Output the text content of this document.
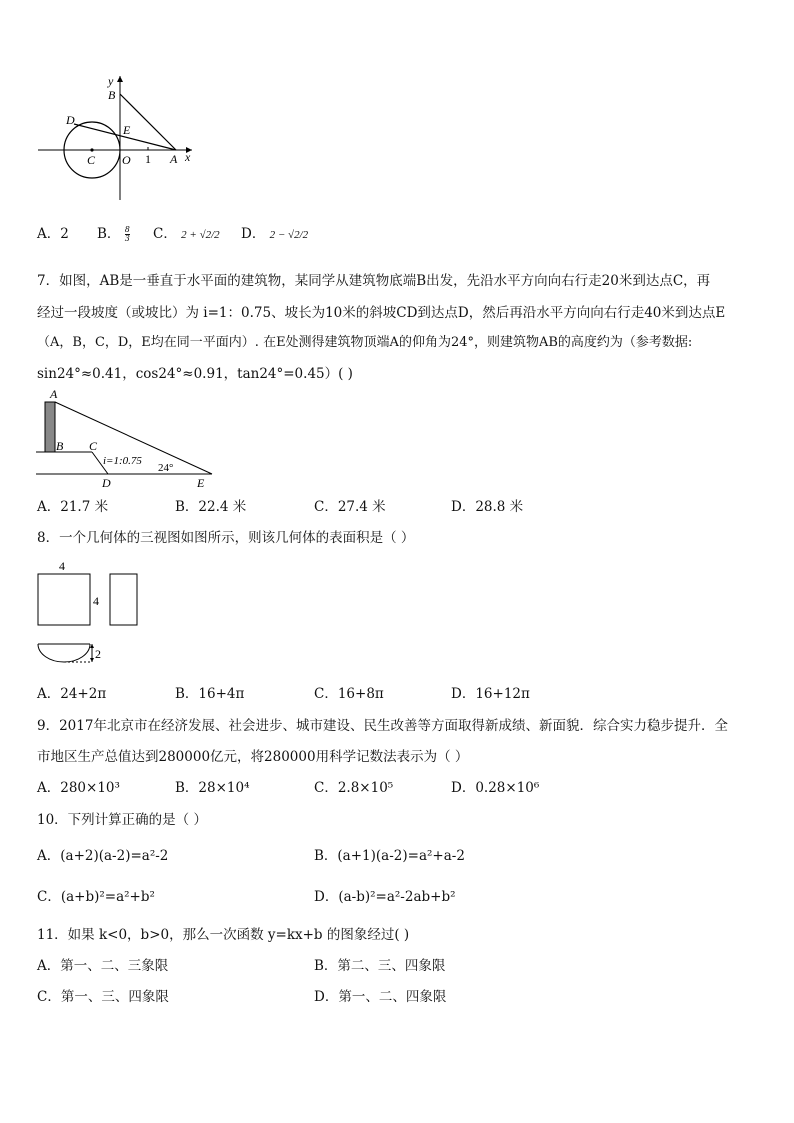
y
B
D
E
C O 1 A x
A．2 B． $\frac{8}{3}$ C． 2 + √2/2 D． 2 − √2/2
7．如图，AB是一垂直于水平面的建筑物，某同学从建筑物底端B出发，先沿水平方向向右行走20米到达点C，再
经过一段坡度（或坡比）为 i=1：0.75、坡长为10米的斜坡CD到达点D，然后再沿水平方向向右行走40米到达点E
（A，B，C，D，E均在同一平面内）. 在E处测得建筑物顶端A的仰角为24°，则建筑物AB的高度约为（参考数据:
sin24°≈0.41，cos24°≈0.91，tan24°=0.45）( )
A
B C
D	E
i=1:0.75
24°
A．21.7 米	B．22.4 米	C．27.4 米	D．28.8 米
8．一个几何体的三视图如图所示，则该几何体的表面积是（ ）
4
4
2
A．24+2π	B．16+4π	C．16+8π	D．16+12π
9．2017年北京市在经济发展、社会进步、城市建设、民生改善等方面取得新成绩、新面貌．综合实力稳步提升．全
市地区生产总值达到280000亿元，将280000用科学记数法表示为（ ）
A．280×10³	B．28×10⁴	C．2.8×10⁵	D．0.28×10⁶
10．下列计算正确的是（ ）
A．(a+2)(a-2)=a²-2	B．(a+1)(a-2)=a²+a-2
C．(a+b)²=a²+b²	D．(a-b)²=a²-2ab+b²
11．如果 k<0，b>0，那么一次函数 y=kx+b 的图象经过( )
A．第一、二、三象限	B．第二、三、四象限
C．第一、三、四象限	D．第一、二、四象限
